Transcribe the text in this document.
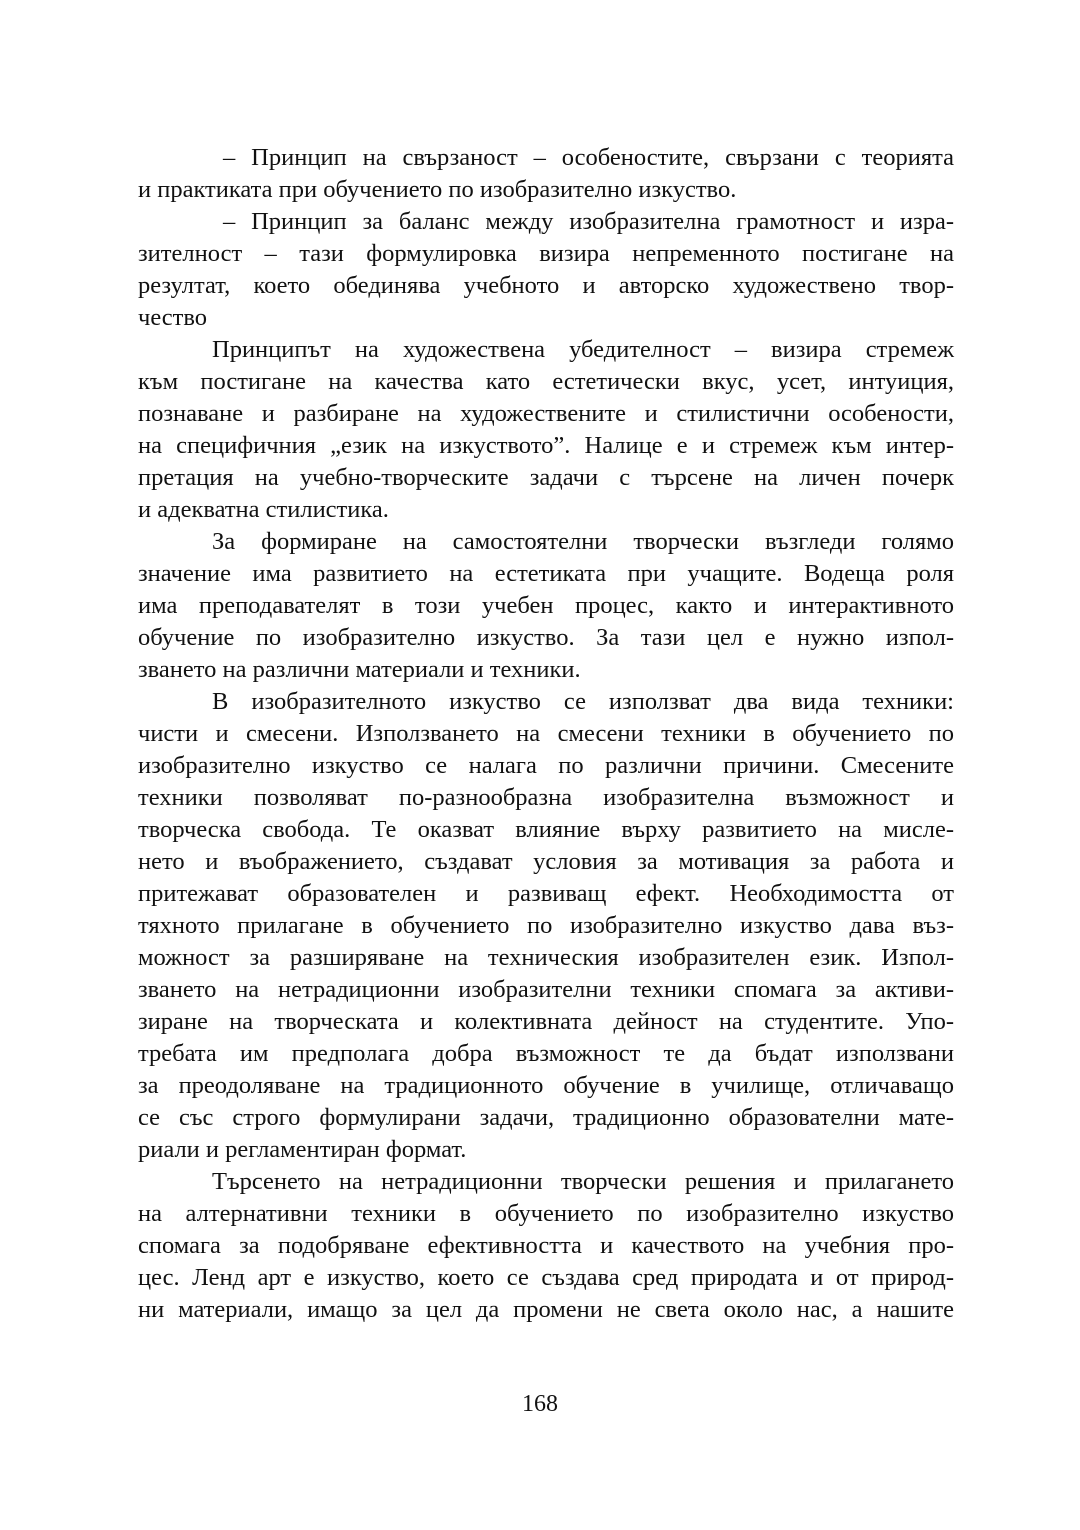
– Принцип на свързаност – особеностите, свързани с теорията
и практиката при обучението по изобразително изкуство.
– Принцип за баланс между изобразителна грамотност и изра-
зителност – тази формулировка визира непременното постигане на
резултат, което обединява учебното и авторско художествено твор-
чество
Принципът на художествена убедителност – визира стремеж
към постигане на качества като естетически вкус, усет, интуиция,
познаване и разбиране на художествените и стилистични особености,
на специфичния „език на изкуството”. Налице е и стремеж към интер-
претация на учебно-творческите задачи с търсене на личен почерк
и адекватна стилистика.
За формиране на самостоятелни творчески възгледи голямо
значение има развитието на естетиката при учащите. Водеща роля
има преподавателят в този учебен процес, както и интерактивното
обучение по изобразително изкуство. За тази цел е нужно изпол-
зването на различни материали и техники.
В изобразителното изкуство се използват два вида техники:
чисти и смесени. Използването на смесени техники в обучението по
изобразително изкуство се налага по различни причини. Смесените
техники позволяват по-разнообразна изобразителна възможност и
творческа свобода. Те оказват влияние върху развитието на мисле-
нето и въображението, създават условия за мотивация за работа и
притежават образователен и развиващ ефект. Необходимостта от
тяхното прилагане в обучението по изобразително изкуство дава въз-
можност за разширяване на техническия изобразителен език. Изпол-
зването на нетрадиционни изобразителни техники спомага за активи-
зиране на творческата и колективната дейност на студентите. Упо-
требата им предполага добра възможност те да бъдат използвани
за преодоляване на традиционното обучение в училище, отличаващо
се със строго формулирани задачи, традиционно образователни мате-
риали и регламентиран формат.
Търсенето на нетрадиционни творчески решения и прилагането
на алтернативни техники в обучението по изобразително изкуство
спомага за подобряване ефективността и качеството на учебния про-
цес. Ленд арт е изкуство, което се създава сред природата и от природ-
ни материали, имащо за цел да промени не света около нас, а нашите
168
